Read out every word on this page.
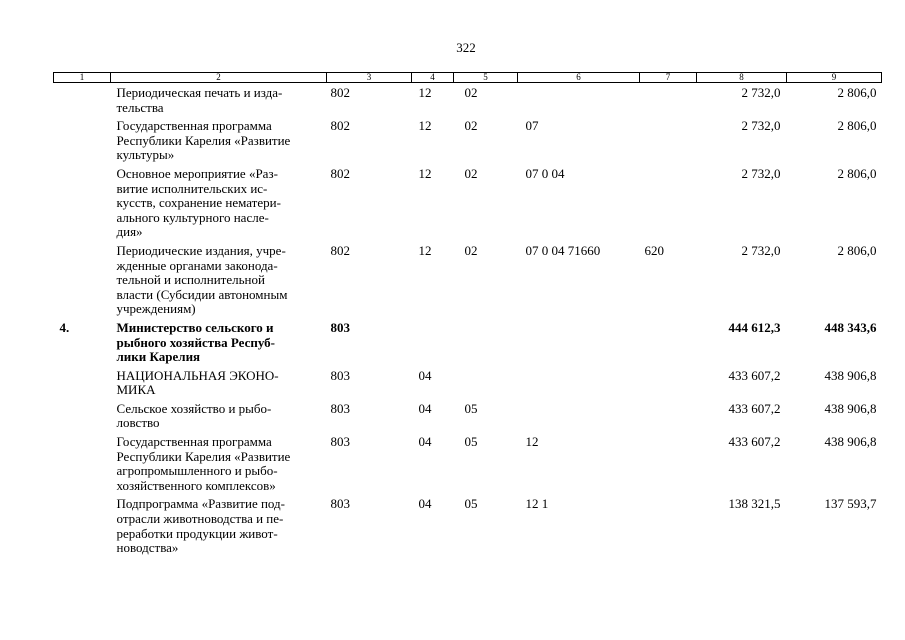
322
1	2	3	4	5	6	7	8	9
	Периодическая печать и изда-
тельства	802	12	02			2 732,0	2 806,0
	Государственная программа
Республики Карелия «Развитие
культуры»	802	12	02	07		2 732,0	2 806,0
	Основное мероприятие «Раз-
витие исполнительских ис-
кусств, сохранение нематери-
ального культурного насле-
дия»	802	12	02	07 0 04		2 732,0	2 806,0
	Периодические издания, учре-
жденные органами законода-
тельной и исполнительной
власти (Субсидии автономным
учреждениям)	802	12	02	07 0 04 71660	620	2 732,0	2 806,0
4.	Министерство сельского и
рыбного хозяйства Респуб-
лики Карелия	803					444 612,3	448 343,6
	НАЦИОНАЛЬНАЯ ЭКОНО-
МИКА	803	04				433 607,2	438 906,8
	Сельское хозяйство и рыбо-
ловство	803	04	05			433 607,2	438 906,8
	Государственная программа
Республики Карелия «Развитие
агропромышленного и рыбо-
хозяйственного комплексов»	803	04	05	12		433 607,2	438 906,8
	Подпрограмма «Развитие под-
отрасли животноводства и пе-
реработки продукции живот-
новодства»	803	04	05	12 1		138 321,5	137 593,7
